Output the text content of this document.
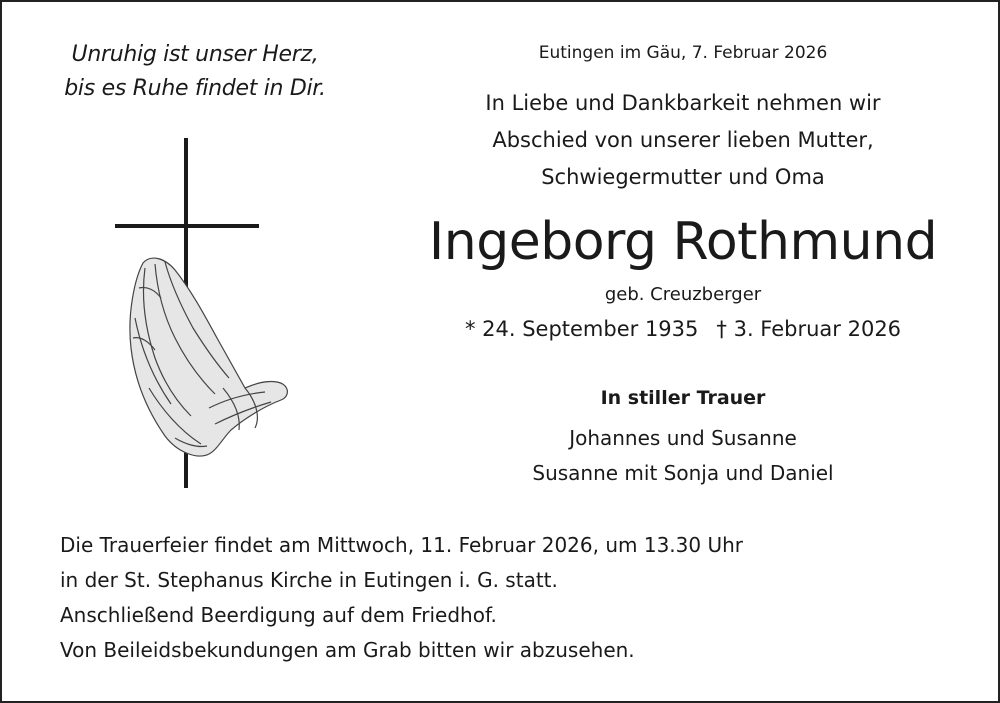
Unruhig ist unser Herz,
bis es Ruhe findet in Dir.
Eutingen im Gäu, 7. Februar 2026
In Liebe und Dankbarkeit nehmen wir
Abschied von unserer lieben Mutter,
Schwiegermutter und Oma
Ingeborg Rothmund
geb. Creuzberger
* 24. September 1935 † 3. Februar 2026
In stiller Trauer
Johannes und Susanne
Susanne mit Sonja und Daniel
Die Trauerfeier findet am Mittwoch, 11. Februar 2026, um 13.30 Uhr
in der St. Stephanus Kirche in Eutingen i. G. statt.
Anschließend Beerdigung auf dem Friedhof.
Von Beileidsbekundungen am Grab bitten wir abzusehen.
